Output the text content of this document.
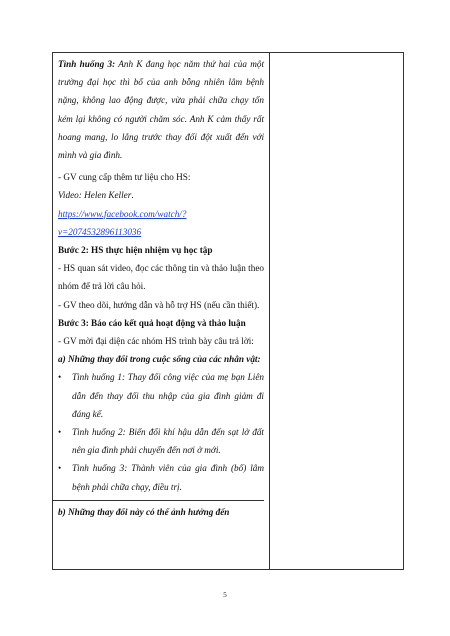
Tình huống 3: Anh K đang học năm thứ hai của một trường đại học thì bố của anh bỗng nhiên lâm bệnh nặng, không lao động được, vừa phải chữa chạy tốn kém lại không có người chăm sóc. Anh K cảm thấy rất hoang mang, lo lắng trước thay đổi đột xuất đến với mình và gia đình.

- GV cung cấp thêm tư liệu cho HS:

Video: Helen Keller.

https://www.facebook.com/watch/?
v=2074532896113036

Bước 2: HS thực hiện nhiệm vụ học tập

- HS quan sát video, đọc các thông tin và thảo luận theo nhóm để trả lời câu hỏi.

- GV theo dõi, hướng dẫn và hỗ trợ HS (nếu cần thiết).

Bước 3: Báo cáo kết quả hoạt động và thảo luận

- GV mời đại diện các nhóm HS trình bày câu trả lời:

a) Những thay đổi trong cuộc sống của các nhân vật:

• Tình huống 1: Thay đổi công việc của mẹ bạn Liên dẫn đến thay đổi thu nhập của gia đình giảm đi đáng kể.
• Tình huống 2: Biến đổi khí hậu dẫn đến sạt lở đất nên gia đình phải chuyển đến nơi ở mới.
• Tình huống 3: Thành viên của gia đình (bố) lâm bệnh phải chữa chạy, điều trị.

b) Những thay đổi này có thể ảnh hưởng đến

5
